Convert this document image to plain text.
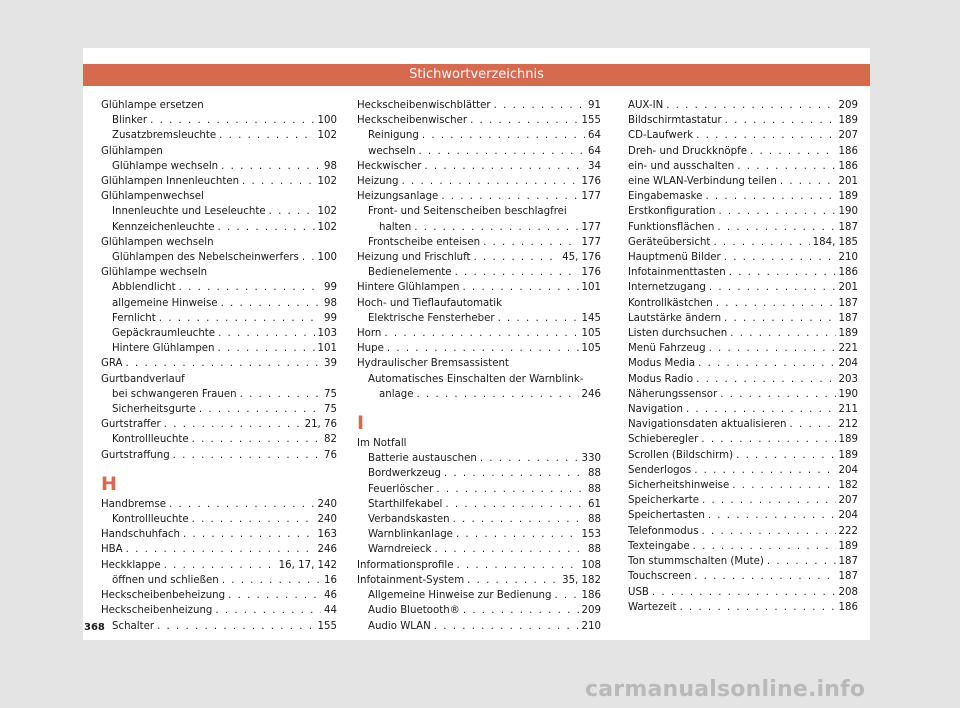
Stichwortverzeichnis
Glühlampe ersetzen
Blinker . . .	100
Zusatzbremsleuchte . . .	102
Glühlampen
Glühlampe wechseln . . .	98
Glühlampen Innenleuchten . . .	102
Glühlampenwechsel
Innenleuchte und Leseleuchte . . .	102
Kennzeichenleuchte . . .	102
Glühlampen wechseln
Glühlampen des Nebelscheinwerfers . . . 100
Glühlampe wechseln
Abblendlicht . . .	99
allgemeine Hinweise . . .	98
Fernlicht . . .	99
Gepäckraumleuchte . . .	103
Hintere Glühlampen . . .	101
GRA . . .	39
Gurtbandverlauf
bei schwangeren Frauen . . .	75
Sicherheitsgurte . . .	75
Gurtstraffer . . .	21, 76
Kontrollleuchte . . .	82
Gurtstraffung . . .	76
H
Handbremse . . .	240
Kontrollleuchte . . .	240
Handschuhfach . . .	163
HBA . . .	246
Heckklappe . . .	16, 17, 142
öffnen und schließen . . .	16
Heckscheibenbeheizung . . .	46
Heckscheibenheizung . . .	44
Schalter . . .	155
Heckscheibenwischblätter . . .	91
Heckscheibenwischer . . .	155
Reinigung . . .	64
wechseln . . .	64
Heckwischer . . .	34
Heizung . . .	176
Heizungsanlage . . .	177
Front- und Seitenscheiben beschlagfrei
halten . . .	177
Frontscheibe enteisen . . .	177
Heizung und Frischluft . . .	45, 176
Bedienelemente . . .	176
Hintere Glühlampen . . .	101
Hoch- und Tieflaufautomatik
Elektrische Fensterheber . . .	145
Horn . . .	105
Hupe . . .	105
Hydraulischer Bremsassistent
Automatisches Einschalten der Warnblink-
anlage . . .	246
I
Im Notfall
Batterie austauschen . . .	330
Bordwerkzeug . . .	88
Feuerlöscher . . .	88
Starthilfekabel . . .	61
Verbandskasten . . .	88
Warnblinkanlage . . .	153
Warndreieck . . .	88
Informationsprofile . . .	108
Infotainment-System . . .	35, 182
Allgemeine Hinweise zur Bedienung . . .	186
Audio Bluetooth® . . .	209
Audio WLAN . . .	210
AUX-IN . . .	209
Bildschirmtastatur . . .	189
CD-Laufwerk . . .	207
Dreh- und Druckknöpfe . . .	186
ein- und ausschalten . . .	186
eine WLAN-Verbindung teilen . . .	201
Eingabemaske . . .	189
Erstkonfiguration . . .	190
Funktionsflächen . . .	187
Geräteübersicht . . .	184, 185
Hauptmenü Bilder . . .	210
Infotainmenttasten . . .	186
Internetzugang . . .	201
Kontrollkästchen . . .	187
Lautstärke ändern . . .	187
Listen durchsuchen . . .	189
Menü Fahrzeug . . .	221
Modus Media . . .	204
Modus Radio . . .	203
Näherungssensor . . .	190
Navigation . . .	211
Navigationsdaten aktualisieren . . .	212
Schieberegler . . .	189
Scrollen (Bildschirm) . . .	189
Senderlogos . . .	204
Sicherheitshinweise . . .	182
Speicherkarte . . .	207
Speichertasten . . .	204
Telefonmodus . . .	222
Texteingabe . . .	189
Ton stummschalten (Mute) . . .	187
Touchscreen . . .	187
USB . . .	208
Wartezeit . . .	186
368
carmanualsonline.info
